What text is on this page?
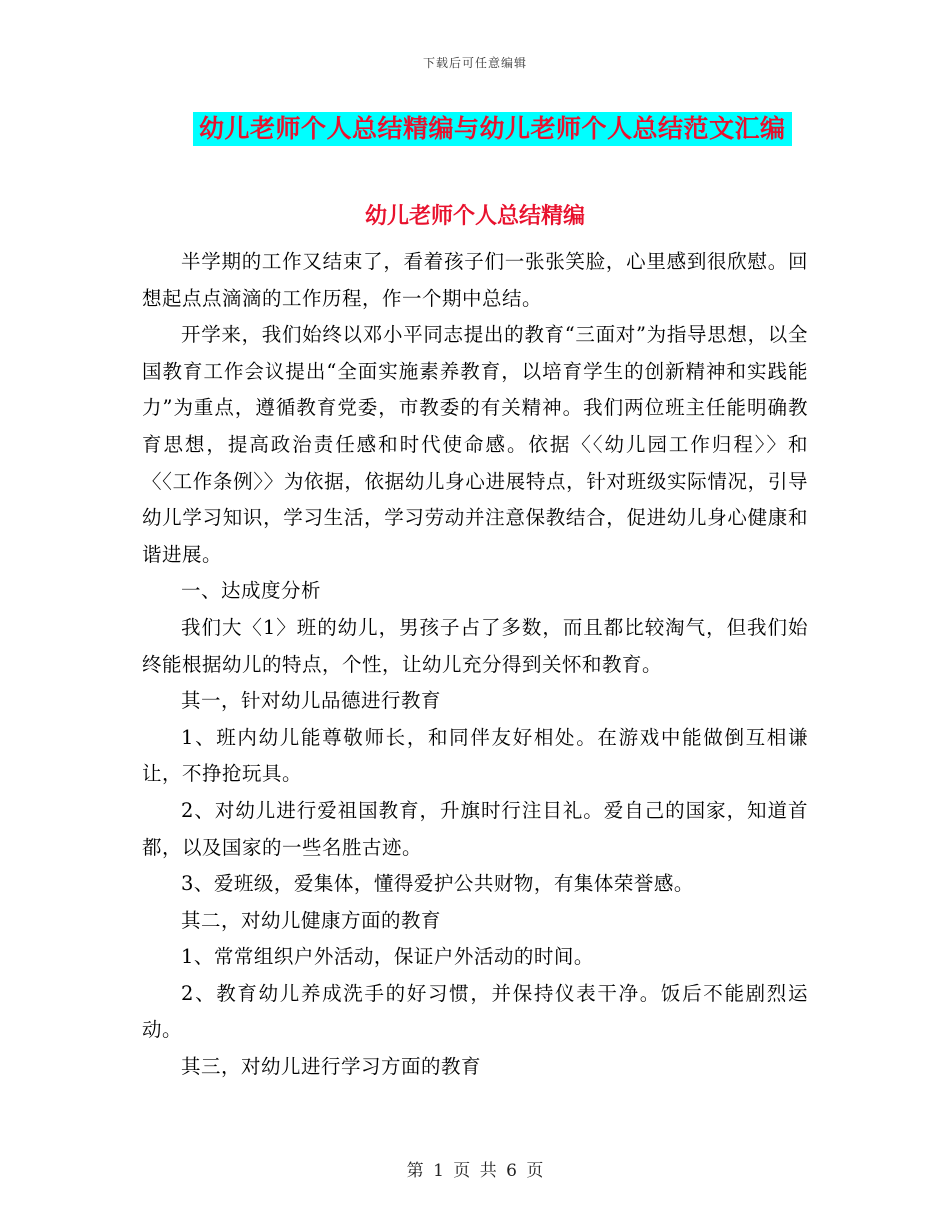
下载后可任意编辑
幼儿老师个人总结精编与幼儿老师个人总结范文汇编
幼儿老师个人总结精编

半学期的工作又结束了，看着孩子们一张张笑脸，心里感到很欣慰。回想起点点滴滴的工作历程，作一个期中总结。

开学来，我们始终以邓小平同志提出的教育“三面对”为指导思想，以全国教育工作会议提出“全面实施素养教育，以培育学生的创新精神和实践能力”为重点，遵循教育党委，市教委的有关精神。我们两位班主任能明确教育思想，提高政治责任感和时代使命感。依据〈〈幼儿园工作归程〉〉和〈〈工作条例〉〉为依据，依据幼儿身心进展特点，针对班级实际情况，引导幼儿学习知识，学习生活，学习劳动并注意保教结合，促进幼儿身心健康和谐进展。

一、达成度分析

我们大〈1〉班的幼儿，男孩子占了多数，而且都比较淘气，但我们始终能根据幼儿的特点，个性，让幼儿充分得到关怀和教育。

其一，针对幼儿品德进行教育

1、班内幼儿能尊敬师长，和同伴友好相处。在游戏中能做倒互相谦让，不挣抢玩具。

2、对幼儿进行爱祖国教育，升旗时行注目礼。爱自己的国家，知道首都，以及国家的一些名胜古迹。

3、爱班级，爱集体，懂得爱护公共财物，有集体荣誉感。

其二，对幼儿健康方面的教育

1、常常组织户外活动，保证户外活动的时间。

2、教育幼儿养成洗手的好习惯，并保持仪表干净。饭后不能剧烈运动。

其三，对幼儿进行学习方面的教育

第 1 页 共 6 页
